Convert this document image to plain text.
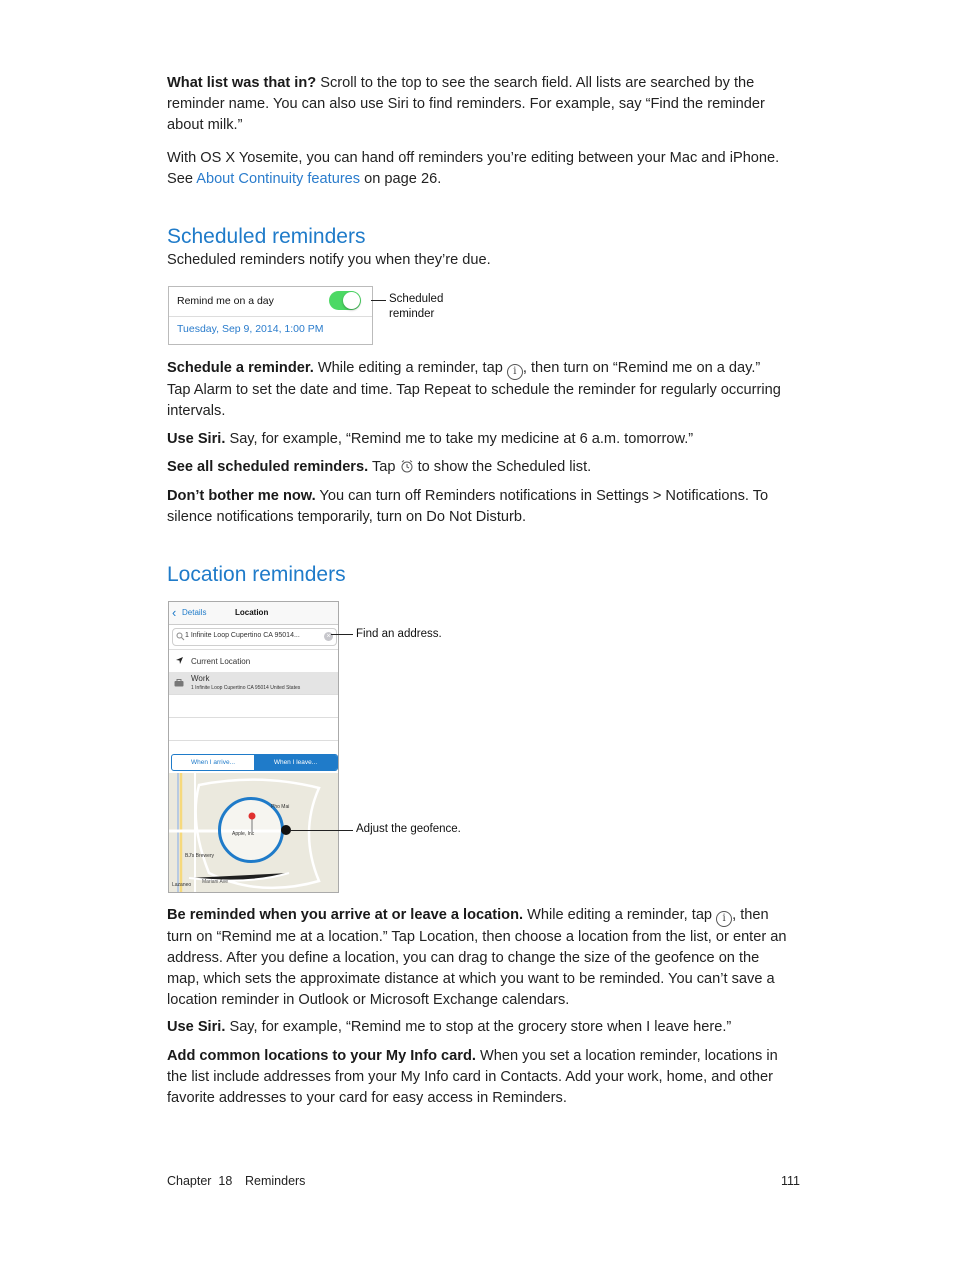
What list was that in? Scroll to the top to see the search field. All lists are searched by the reminder name. You can also use Siri to find reminders. For example, say “Find the reminder about milk.”
With OS X Yosemite, you can hand off reminders you’re editing between your Mac and iPhone. See About Continuity features on page 26.
Scheduled reminders
Scheduled reminders notify you when they’re due.
Remind me on a day
Tuesday, Sep 9, 2014, 1:00 PM
Scheduled reminder
Schedule a reminder. While editing a reminder, tap i , then turn on “Remind me on a day.” Tap Alarm to set the date and time. Tap Repeat to schedule the reminder for regularly occurring intervals.
Use Siri. Say, for example, “Remind me to take my medicine at 6 a.m. tomorrow.”
See all scheduled reminders. Tap  to show the Scheduled list.
Don’t bother me now. You can turn off Reminders notifications in Settings > Notifications. To silence notifications temporarily, turn on Do Not Disturb.
Location reminders
‹ Details	Location
1 Infinite Loop Cupertino CA 95014...	×
Current Location
Work
1 Infinite Loop Cupertino CA 95014 United States
When I arrive...	When I leave...
Apple, Inc
BJ's Brewery
Pho Mai
Mariani Ave
Lazaneo
Find an address.
Adjust the geofence.
Be reminded when you arrive at or leave a location. While editing a reminder, tap i , then turn on “Remind me at a location.” Tap Location, then choose a location from the list, or enter an address. After you define a location, you can drag to change the size of the geofence on the map, which sets the approximate distance at which you want to be reminded. You can’t save a location reminder in Outlook or Microsoft Exchange calendars.
Use Siri. Say, for example, “Remind me to stop at the grocery store when I leave here.”
Add common locations to your My Info card. When you set a location reminder, locations in the list include addresses from your My Info card in Contacts. Add your work, home, and other favorite addresses to your card for easy access in Reminders.
Chapter  18 Reminders	111
